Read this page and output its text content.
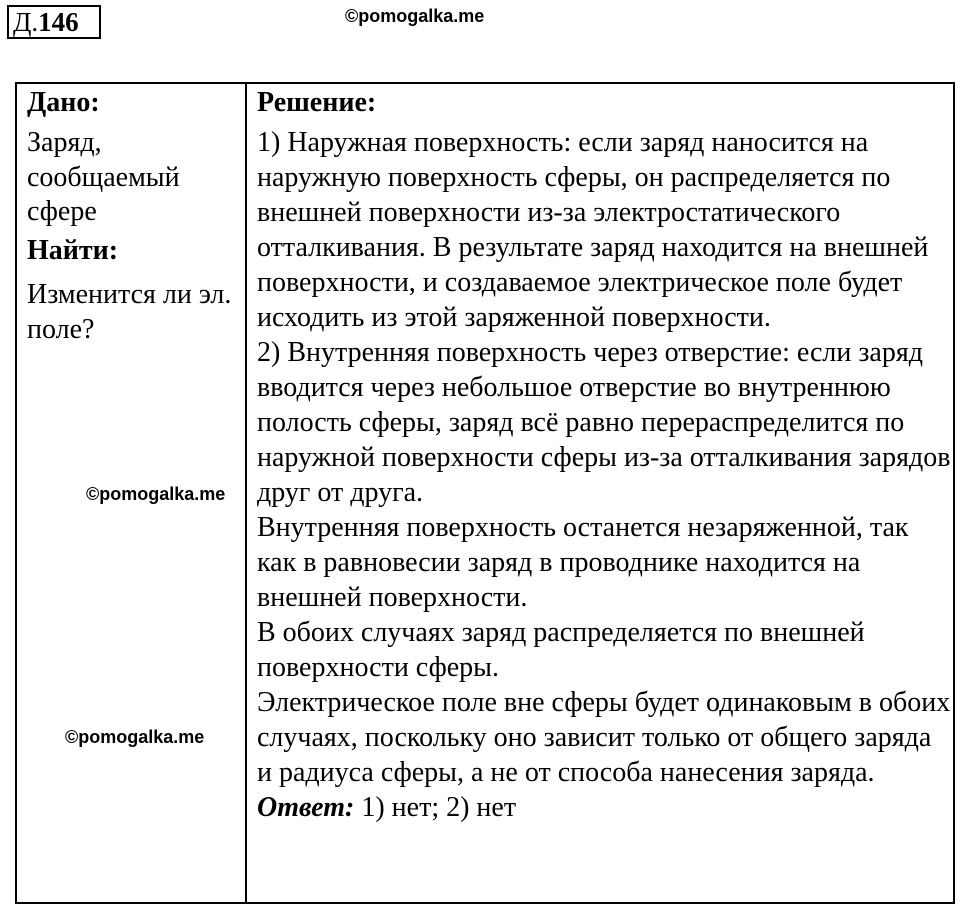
Д.146	©pomogalka.me
©pomogalka.me
©pomogalka.me
Дано:
Заряд, сообщаемый сфере
Найти:
Изменится ли эл. поле?
Решение:
1) Наружная поверхность: если заряд наносится на наружную поверхность сферы, он распределяется по внешней поверхности из-за электростатического отталкивания. В результате заряд находится на внешней поверхности, и создаваемое электрическое поле будет исходить из этой заряженной поверхности.
2) Внутренняя поверхность через отверстие: если заряд вводится через небольшое отверстие во внутреннюю полость сферы, заряд всё равно перераспределится по наружной поверхности сферы из-за отталкивания зарядов друг от друга.
Внутренняя поверхность останется незаряженной, так как в равновесии заряд в проводнике находится на внешней поверхности.
В обоих случаях заряд распределяется по внешней поверхности сферы.
Электрическое поле вне сферы будет одинаковым в обоих случаях, поскольку оно зависит только от общего заряда и радиуса сферы, а не от способа нанесения заряда.
Ответ: 1) нет; 2) нет
